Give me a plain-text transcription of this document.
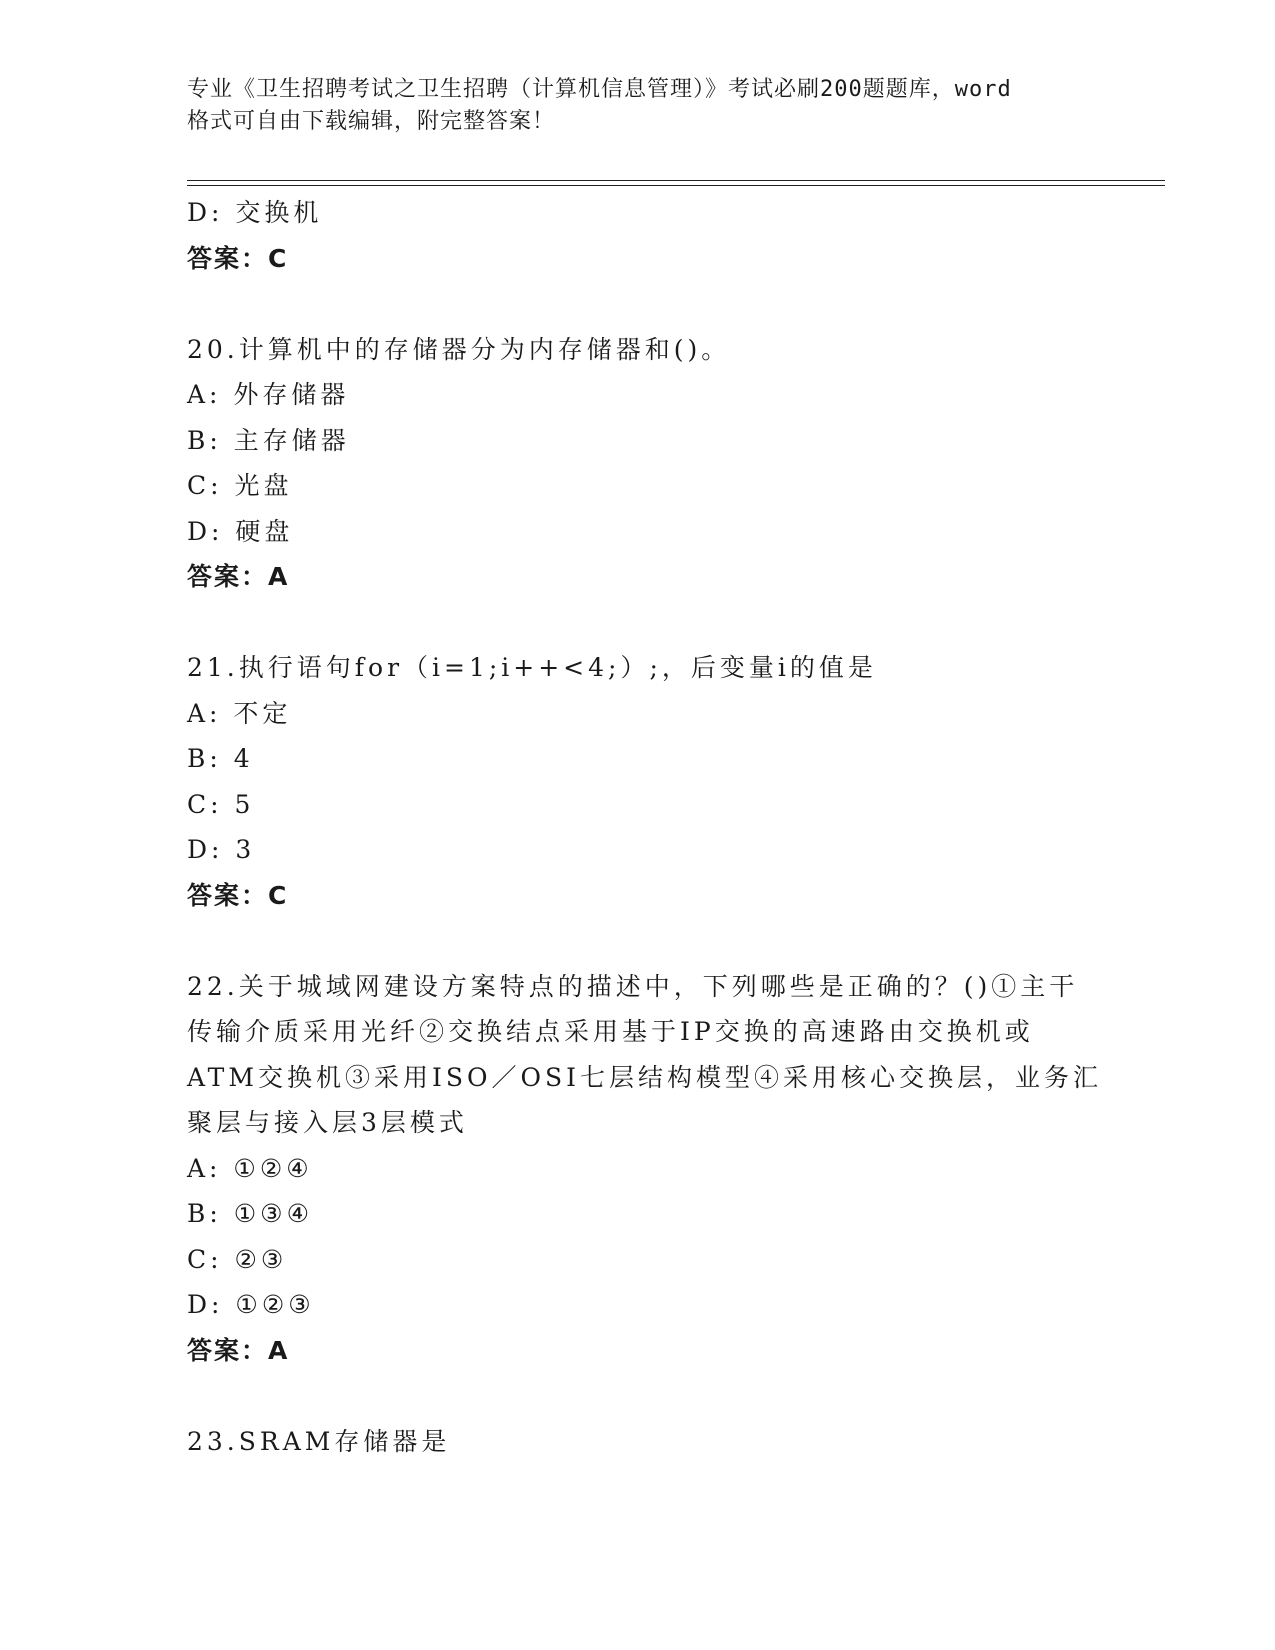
专业《卫生招聘考试之卫生招聘（计算机信息管理）》考试必刷200题题库，word
格式可自由下载编辑，附完整答案！
D: 交换机
答案：C
20.计算机中的存储器分为内存储器和()。
A: 外存储器
B: 主存储器
C: 光盘
D: 硬盘
答案：A
21.执行语句for（i=1;i++<4;）;，后变量i的值是
A: 不定
B: 4
C: 5
D: 3
答案：C
22.关于城域网建设方案特点的描述中，下列哪些是正确的？()①主干
传输介质采用光纤②交换结点采用基于IP交换的高速路由交换机或
ATM交换机③采用ISO／OSI七层结构模型④采用核心交换层，业务汇
聚层与接入层3层模式
A: ①②④
B: ①③④
C: ②③
D: ①②③
答案：A
23.SRAM存储器是
